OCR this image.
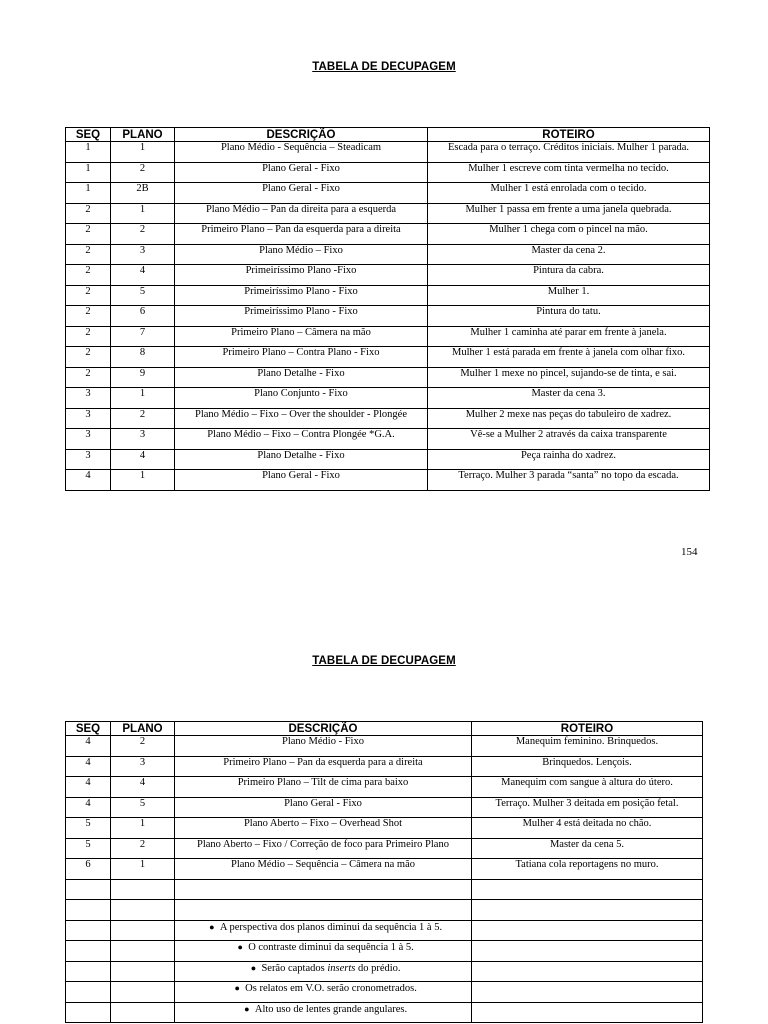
TABELA DE DECUPAGEM
SEQ	PLANO	DESCRIÇÃO	ROTEIRO
1	1	Plano Médio - Sequência – Steadicam	Escada para o terraço. Créditos iniciais. Mulher 1 parada.
1	2	Plano Geral - Fixo	Mulher 1 escreve com tinta vermelha no tecido.
1	2B	Plano Geral - Fixo	Mulher 1 está enrolada com o tecido.
2	1	Plano Médio – Pan da direita para a esquerda	Mulher 1 passa em frente a uma janela quebrada.
2	2	Primeiro Plano – Pan da esquerda para a direita	Mulher 1 chega com o pincel na mão.
2	3	Plano Médio – Fixo	Master da cena 2.
2	4	Primeiríssimo Plano -Fixo	Pintura da cabra.
2	5	Primeiríssimo Plano - Fixo	Mulher 1.
2	6	Primeiríssimo Plano - Fixo	Pintura do tatu.
2	7	Primeiro Plano – Câmera na mão	Mulher 1 caminha até parar em frente à janela.
2	8	Primeiro Plano – Contra Plano - Fixo	Mulher 1 está parada em frente à janela com olhar fixo.
2	9	Plano Detalhe - Fixo	Mulher 1 mexe no pincel, sujando-se de tinta, e sai.
3	1	Plano Conjunto - Fixo	Master da cena 3.
3	2	Plano Médio – Fixo – Over the shoulder - Plongée	Mulher 2 mexe nas peças do tabuleiro de xadrez.
3	3	Plano Médio – Fixo – Contra Plongée *G.A.	Vê-se a Mulher 2 através da caixa transparente
3	4	Plano Detalhe - Fixo	Peça rainha do xadrez.
4	1	Plano Geral - Fixo	Terraço. Mulher 3 parada “santa” no topo da escada.
154
TABELA DE DECUPAGEM
SEQ	PLANO	DESCRIÇÃO	ROTEIRO
4	2	Plano Médio - Fixo	Manequim feminino. Brinquedos.
4	3	Primeiro Plano – Pan da esquerda para a direita	Brinquedos. Lençois.
4	4	Primeiro Plano – Tilt de cima para baixo	Manequim com sangue à altura do útero.
4	5	Plano Geral - Fixo	Terraço. Mulher 3 deitada em posição fetal.
5	1	Plano Aberto – Fixo – Overhead Shot	Mulher 4 está deitada no chão.
5	2	Plano Aberto – Fixo / Correção de foco para Primeiro Plano	Master da cena 5.
6	1	Plano Médio – Sequência – Câmera na mão	Tatiana cola reportagens no muro.

		● A perspectiva dos planos diminui da sequência 1 à 5.	
		● O contraste diminui da sequência 1 à 5.	
		● Serão captados inserts do prédio.	
		● Os relatos em V.O. serão cronometrados.	
		● Alto uso de lentes grande angulares.	
